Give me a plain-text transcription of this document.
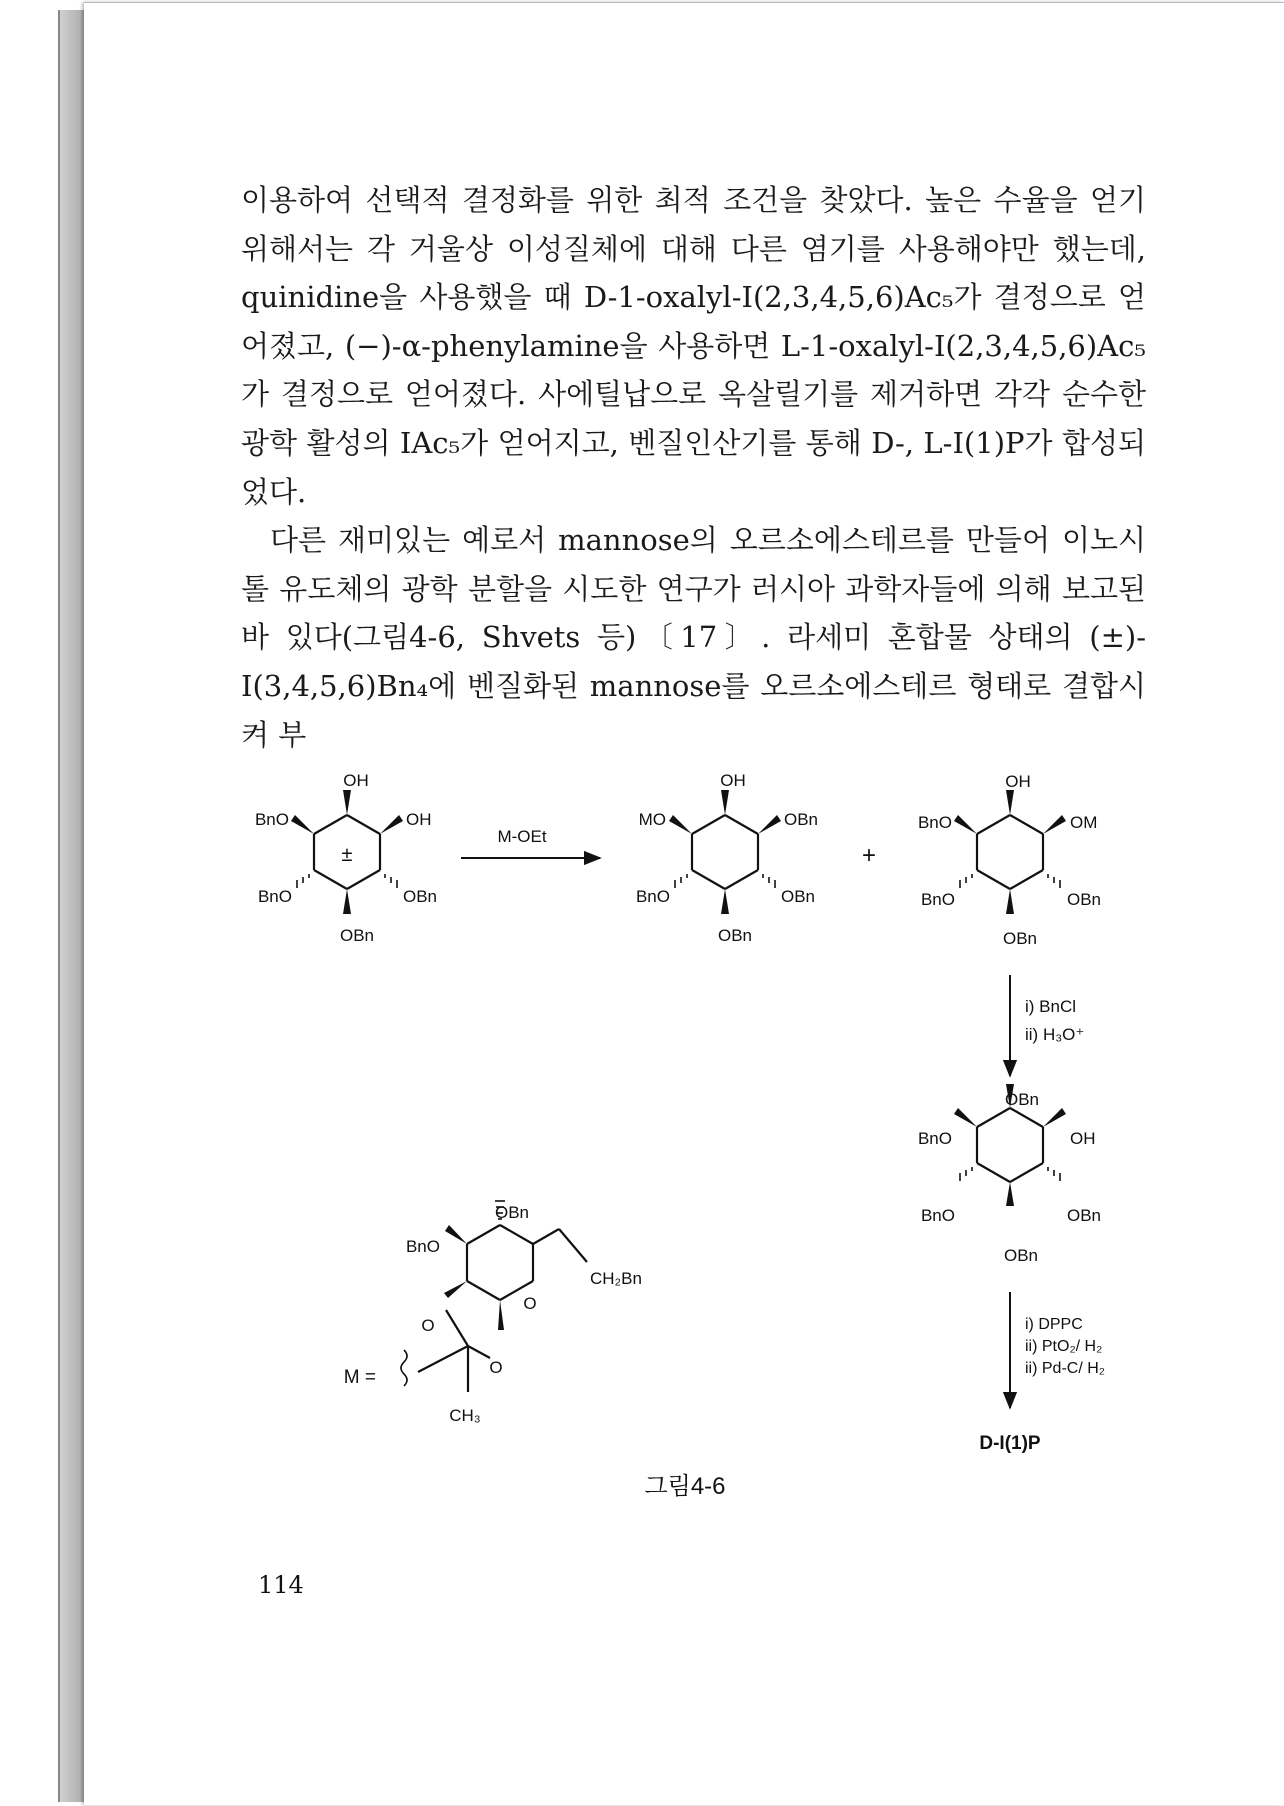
이용하여 선택적 결정화를 위한 최적 조건을 찾았다. 높은 수율을 얻기 위해서는 각 거울상 이성질체에 대해 다른 염기를 사용해야만 했는데, quinidine을 사용했을 때 D-1-oxalyl-I(2,3,4,5,6)Ac₅가 결정으로 얻어졌고, (−)-α-phenylamine을 사용하면 L-1-oxalyl-I(2,3,4,5,6)Ac₅가 결정으로 얻어졌다. 사에틸납으로 옥살릴기를 제거하면 각각 순수한 광학 활성의 IAc₅가 얻어지고, 벤질인산기를 통해 D-, L-I(1)P가 합성되었다.

다른 재미있는 예로서 mannose의 오르소에스테르를 만들어 이노시톨 유도체의 광학 분할을 시도한 연구가 러시아 과학자들에 의해 보고된 바 있다(그림4-6, Shvets 등)〔17〕. 라세미 혼합물 상태의 (±)-I(3,4,5,6)Bn₄에 벤질화된 mannose를 오르소에스테르 형태로 결합시켜 부

OH
BnO	OH
±
BnO	OBn
OBn
M-OEt
OH
MO	OBn
BnO	OBn
OBn
+
OH
BnO	OM
BnO	OBn
OBn
i) BnCl
ii) H₃O⁺
OBn
BnO	OH
BnO	OBn
OBn
i) DPPC
ii) PtO₂/ H₂
ii) Pd-C/ H₂
D-I(1)P
OBn
BnO
CH₂Bn
O
O
O
CH₃
M =
그림4-6
114
